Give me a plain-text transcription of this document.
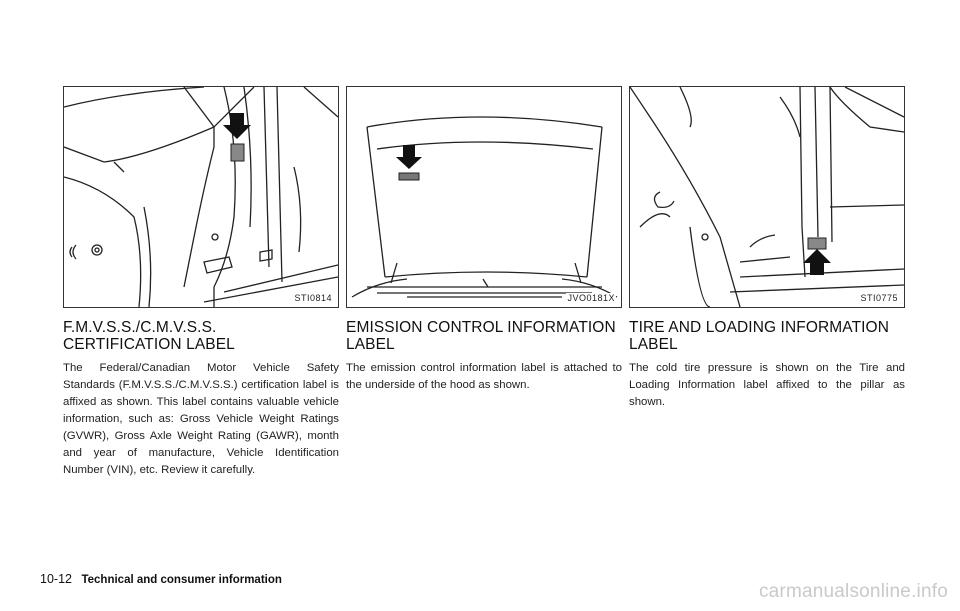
STI0814
F.M.V.S.S./C.M.V.S.S. CERTIFICATION LABEL

The Federal/Canadian Motor Vehicle Safety Standards (F.M.V.S.S./C.M.V.S.S.) certification label is affixed as shown. This label contains valuable vehicle information, such as: Gross Vehicle Weight Ratings (GVWR), Gross Axle Weight Rating (GAWR), month and year of manufacture, Vehicle Identification Number (VIN), etc. Review it carefully.

JVO0181X
EMISSION CONTROL INFORMATION LABEL

The emission control information label is attached to the underside of the hood as shown.

STI0775
TIRE AND LOADING INFORMATION LABEL

The cold tire pressure is shown on the Tire and Loading Information label affixed to the pillar as shown.

10-12 Technical and consumer information
carmanualsonline.info
